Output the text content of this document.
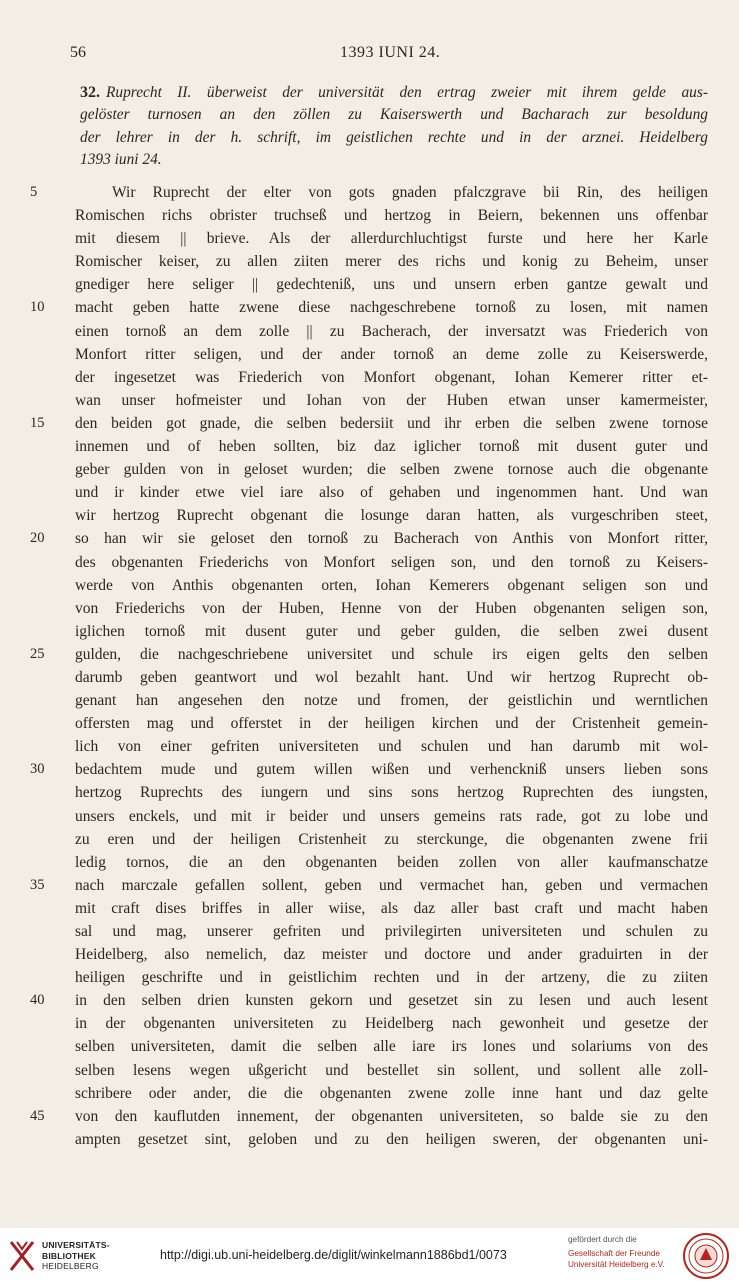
56	1393 IUNI 24.
32. Ruprecht II. überweist der universität den ertrag zweier mit ihrem gelde aus-
gelöster turnosen an den zöllen zu Kaiserswerth und Bacharach zur besoldung
der lehrer in der h. schrift, im geistlichen rechte und in der arznei. Heidelberg
1393 iuni 24.
5	Wir Ruprecht der elter von gots gnaden pfalczgrave bii Rin, des heiligen
Romischen richs obrister truchseß und hertzog in Beiern, bekennen uns offenbar
mit diesem || brieve. Als der allerdurchluchtigst furste und here her Karle
Romischer keiser, zu allen ziiten merer des richs und konig zu Beheim, unser
gnediger here seliger || gedechteniß, uns und unsern erben gantze gewalt und
10	macht geben hatte zwene diese nachgeschrebene tornoß zu losen, mit namen
einen tornoß an dem zolle || zu Bacherach, der inversatzt was Friederich von
Monfort ritter seligen, und der ander tornoß an deme zolle zu Keiserswerde,
der ingesetzet was Friederich von Monfort obgenant, Iohan Kemerer ritter et-
wan unser hofmeister und Iohan von der Huben etwan unser kamermeister,
15	den beiden got gnade, die selben bedersiit und ihr erben die selben zwene tornose
innemen und of heben sollten, biz daz iglicher tornoß mit dusent guter und
geber gulden von in geloset wurden; die selben zwene tornose auch die obgenante
und ir kinder etwe viel iare also of gehaben und ingenommen hant. Und wan
wir hertzog Ruprecht obgenant die losunge daran hatten, als vurgeschriben steet,
20	so han wir sie geloset den tornoß zu Bacherach von Anthis von Monfort ritter,
des obgenanten Friederichs von Monfort seligen son, und den tornoß zu Keisers-
werde von Anthis obgenanten orten, Iohan Kemerers obgenant seligen son und
von Friederichs von der Huben, Henne von der Huben obgenanten seligen son,
iglichen tornoß mit dusent guter und geber gulden, die selben zwei dusent
25	gulden, die nachgeschriebene universitet und schule irs eigen gelts den selben
darumb geben geantwort und wol bezahlt hant. Und wir hertzog Ruprecht ob-
genant han angesehen den notze und fromen, der geistlichin und werntlichen
offersten mag und offerstet in der heiligen kirchen und der Cristenheit gemein-
lich von einer gefriten universiteten und schulen und han darumb mit wol-
30	bedachtem mude und gutem willen wißen und verhenckniß unsers lieben sons
hertzog Ruprechts des iungern und sins sons hertzog Ruprechten des iungsten,
unsers enckels, und mit ir beider und unsers gemeins rats rade, got zu lobe und
zu eren und der heiligen Cristenheit zu sterckunge, die obgenanten zwene frii
ledig tornos, die an den obgenanten beiden zollen von aller kaufmanschatze
35	nach marczale gefallen sollent, geben und vermachet han, geben und vermachen
mit craft dises briffes in aller wiise, als daz aller bast craft und macht haben
sal und mag, unserer gefriten und privilegirten universiteten und schulen zu
Heidelberg, also nemelich, daz meister und doctore und ander graduirten in der
heiligen geschrifte und in geistlichim rechten und in der artzeny, die zu ziiten
40	in den selben drien kunsten gekorn und gesetzet sin zu lesen und auch lesent
in der obgenanten universiteten zu Heidelberg nach gewonheit und gesetze der
selben universiteten, damit die selben alle iare irs lones und solariums von des
selben lesens wegen ußgericht und bestellet sin sollent, und sollent alle zoll-
schribere oder ander, die die obgenanten zwene zolle inne hant und daz gelte
45	von den kauflutden innement, der obgenanten universiteten, so balde sie zu den
ampten gesetzet sint, geloben und zu den heiligen sweren, der obgenanten uni-
UNIVERSITÄTS-
BIBLIOTHEK
HEIDELBERG
http://digi.ub.uni-heidelberg.de/diglit/winkelmann1886bd1/0073
gefördert durch die
Gesellschaft der Freunde
Universität Heidelberg e.V.
